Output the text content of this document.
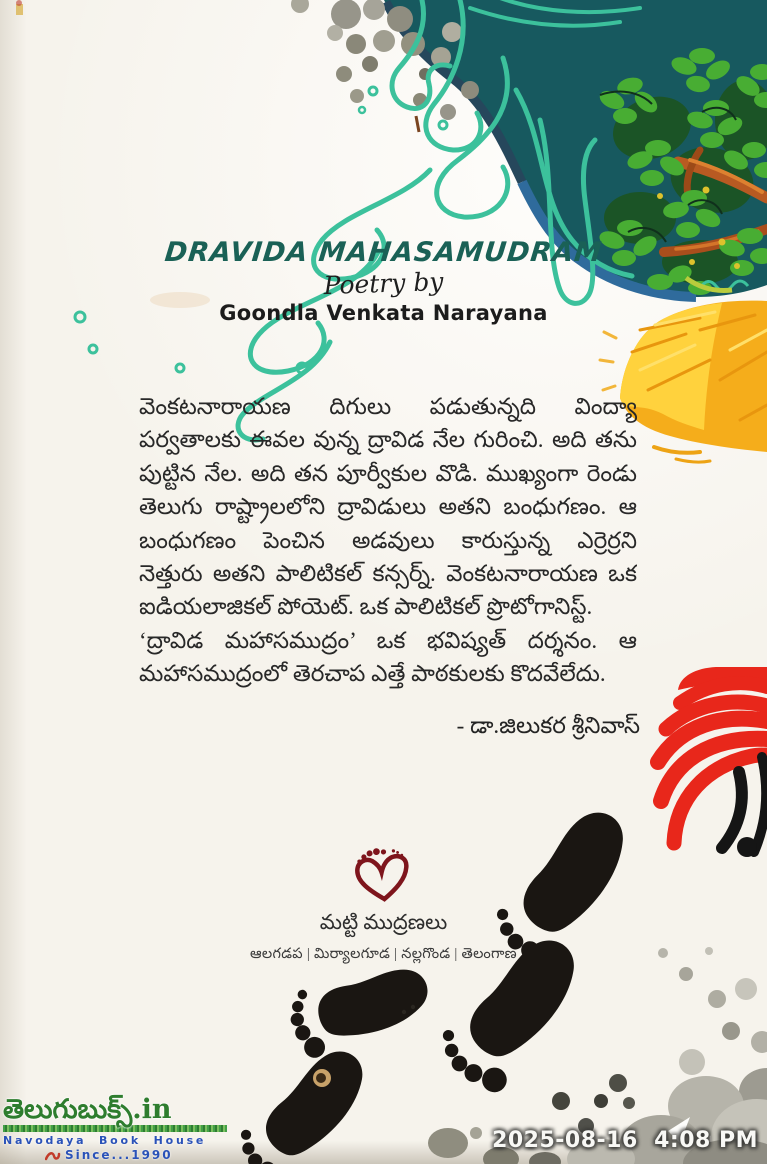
DRAVIDA MAHASAMUDRAM
Poetry by
Goondla Venkata Narayana
వెంకటనారాయణ దిగులు పడుతున్నది వింద్యా
పర్వతాలకు ఈవల వున్న ద్రావిడ నేల గురించి. అది తను
పుట్టిన నేల. అది తన పూర్వీకుల వొడి. ముఖ్యంగా రెండు
తెలుగు రాష్ట్రాలలోని ద్రావిడులు అతని బంధుగణం. ఆ
బంధుగణం పెంచిన అడవులు కారుస్తున్న ఎర్రెర్రని
నెత్తురు అతని పాలిటికల్ కన్సర్న్. వెంకటనారాయణ ఒక
ఐడియలాజికల్ పోయెట్. ఒక పాలిటికల్ ప్రొటోగానిస్ట్.
‘ద్రావిడ మహాసముద్రం’ ఒక భవిష్యత్ దర్శనం. ఆ
మహాసముద్రంలో తెరచాప ఎత్తే పాఠకులకు కొదవేలేదు.
- డా.జిలుకర శ్రీనివాస్
మట్టి ముద్రణలు
ఆలగడప | మిర్యాలగూడ | నల్లగొండ | తెలంగాణ
తెలుగుబుక్స్.in
Navodaya Book House
Since...1990
2025-08-16  4:08 PM
